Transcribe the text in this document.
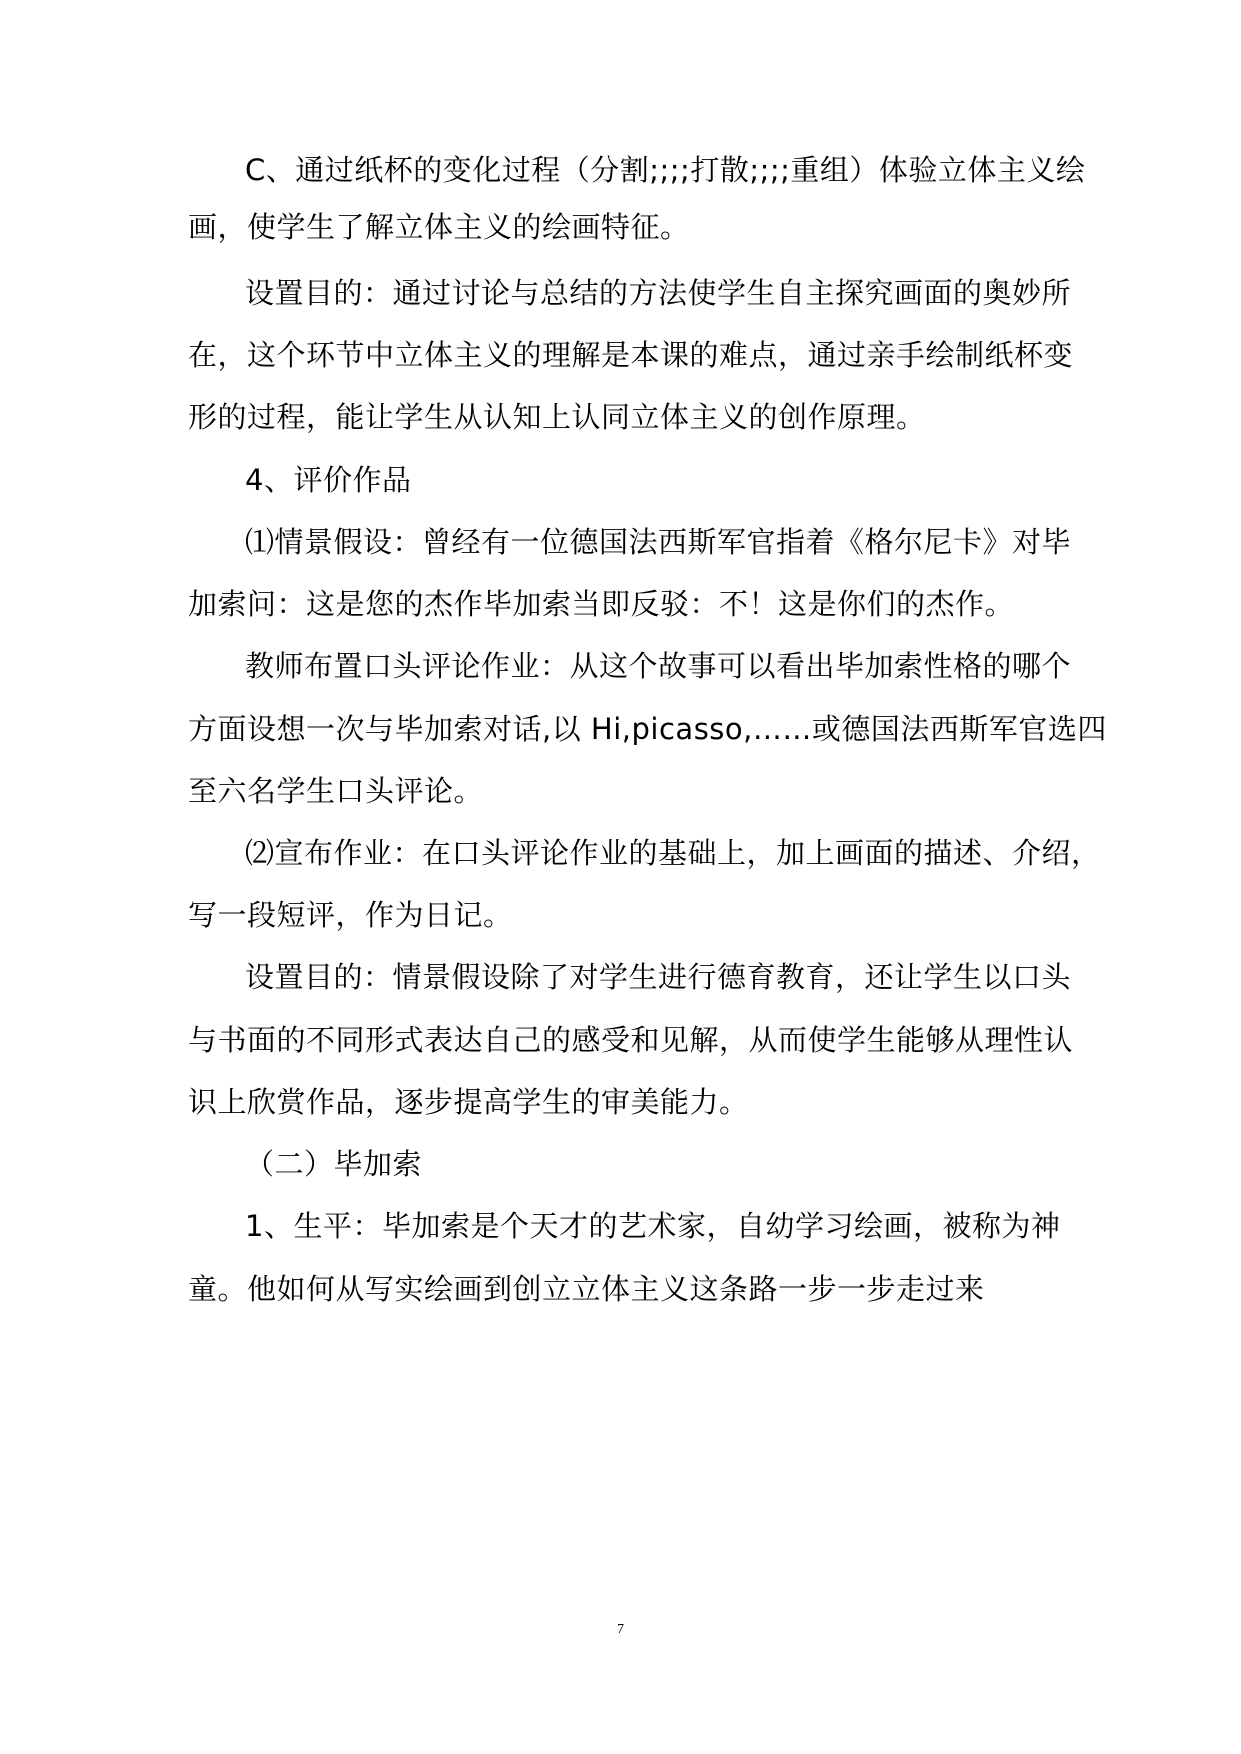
C、通过纸杯的变化过程（分割;;;;打散;;;;重组）体验立体主义绘
画，使学生了解立体主义的绘画特征。
设置目的：通过讨论与总结的方法使学生自主探究画面的奥妙所
在，这个环节中立体主义的理解是本课的难点，通过亲手绘制纸杯变
形的过程，能让学生从认知上认同立体主义的创作原理。
4、评价作品
⑴情景假设：曾经有一位德国法西斯军官指着《格尔尼卡》对毕
加索问：这是您的杰作毕加索当即反驳：不！这是你们的杰作。
教师布置口头评论作业：从这个故事可以看出毕加索性格的哪个
方面设想一次与毕加索对话,以 Hi,picasso,……或德国法西斯军官选四
至六名学生口头评论。
⑵宣布作业：在口头评论作业的基础上，加上画面的描述、介绍，
写一段短评，作为日记。
设置目的：情景假设除了对学生进行德育教育，还让学生以口头
与书面的不同形式表达自己的感受和见解，从而使学生能够从理性认
识上欣赏作品，逐步提高学生的审美能力。
（二）毕加索
1、生平：毕加索是个天才的艺术家，自幼学习绘画，被称为神
童。他如何从写实绘画到创立立体主义这条路一步一步走过来
7
